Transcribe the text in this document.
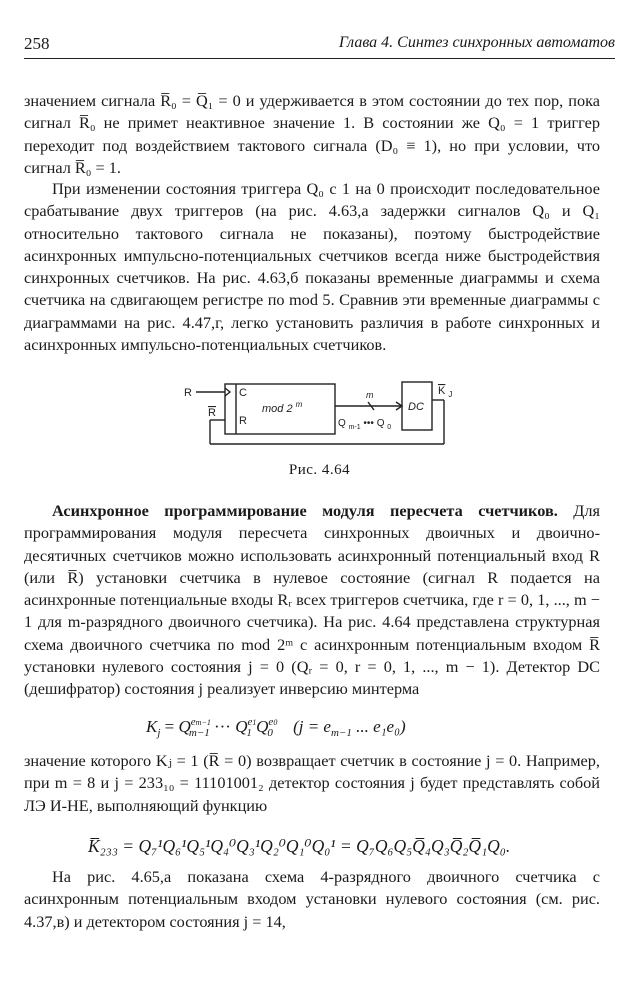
258	Глава 4. Синтез синхронных автоматов
значением сигнала R̅₀ = Q̅₁ = 0 и удерживается в этом состоянии до тех пор, пока сигнал R̅₀ не примет неактивное значение 1. В состоянии же Q₀ = 1 триггер переходит под воздействием тактового сигнала (D₀ ≡ 1), но при условии, что сигнал R̅₀ = 1.
При изменении состояния триггера Q₀ с 1 на 0 происходит последовательное срабатывание двух триггеров (на рис. 4.63,а задержки сигналов Q₀ и Q₁ относительно тактового сигнала не показаны), поэтому быстродействие асинхронных импульсно-потенциальных счетчиков всегда ниже быстродействия синхронных счетчиков. На рис. 4.63,б показаны временные диаграммы и схема счетчика на сдвигающем регистре по mod 5. Сравнив эти временные диаграммы с диаграммами на рис. 4.47,г, легко установить различия в работе синхронных и асинхронных импульсно-потенциальных счетчиков.
R
R
C
R
mod 2 $^m$
m
Q $_{m-1}$ ••• Q $_0$
DC
K $_J$
Рис. 4.64
Асинхронное программирование модуля пересчета счетчиков. Для программирования модуля пересчета синхронных двоичных и двоично-десятичных счетчиков можно использовать асинхронный потенциальный вход R (или R̅) установки счетчика в нулевое состояние (сигнал R подается на асинхронные потенциальные входы Rᵣ всех триггеров счетчика, где r = 0, 1, ..., m − 1 для m-разрядного двоичного счетчика). На рис. 4.64 представлена структурная схема двоичного счетчика по mod 2ᵐ с асинхронным потенциальным входом R̅ установки нулевого состояния j = 0 (Qᵣ = 0, r = 0, 1, ..., m − 1). Детектор DC (дешифратор) состояния j реализует инверсию минтерма
$K_j = Q^{em-1}_{m-1}$ ··· $Q^{e1}_1$ $Q^{e0}_0$ ($j = e_{m-1}$ ... e₁e₀)
значение которого Kⱼ = 1 (R̅ = 0) возвращает счетчик в состояние j = 0. Например, при m = 8 и j = 233₁₀ = 11101001₂ детектор состояния j будет представлять собой ЛЭ И-НЕ, выполняющий функцию
K̅₂₃₃ = Q₇¹Q₆¹Q₅¹Q₄⁰Q₃¹Q₂⁰Q₁⁰Q₀¹ = Q₇Q₆Q₅Q̅₄Q₃Q̅₂Q̅₁Q₀.
На рис. 4.65,а показана схема 4-разрядного двоичного счетчика с асинхронным потенциальным входом установки нулевого состояния (см. рис. 4.37,в) и детектором состояния j = 14,
